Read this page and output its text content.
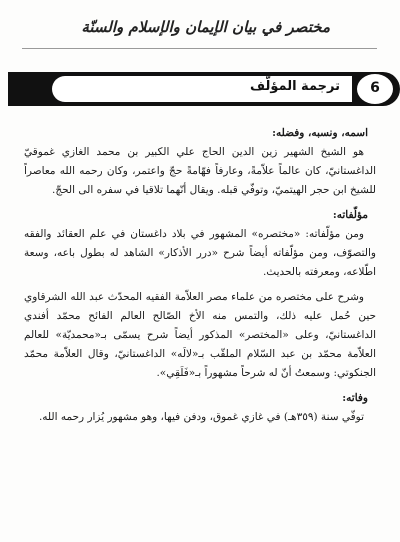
مختصر في بيان الإيمان والإسلام والسنّة
ترجمة المؤلّف	6
اسمه، ونسبه، وفضله:

هو الشيخ الشهير زين الدين الحاج علي الكبير بن محمد الغازي غموقيّ الداغستانيّ، كان عالماً علاّمةً، وعارفاً فهّامةً حجّ واعتمر، وكان رحمه الله معاصراً للشيخ ابن حجر الهيتميّ، وتوفّي قبله. ويقال أنّهما تلاقيا في سفره الى الحجّ.

مؤلّفاته:

ومن مؤلّفاته: «مختصره» المشهور في بلاد داغستان في علم العقائد والفقه والتصوّف، ومن مؤلّفاته أيضاً شرح «درر الأذكار» الشاهد له بطول باعه، وسعة اطّلاعه، ومعرفته بالحديث.

وشرح على مختصره من علماء مصر العلاّمة الفقيه المحدّث عبد الله الشرقاوي حين حُمل عليه ذلك، والتمس منه الأخ الصّالح العالم الفائح محمّد أفندي الداغستانيّ، وعلى «المختصر» المذكور أيضاً شرح يسمّى بـ«محمديّة» للعالم العلاّمة محمّد بن عبد السّلام الملقّب بـ«لالَه» الداغستانيّ، وقال العلاّمة محمّد الجنكوتي: وسمعتُ أنّ له شرحاً مشهوراً بـ«فَلَقِي».

وفاته:

توفّي سنة (٣٥٩هـ) في غازي غموق، ودفن فيها، وهو مشهور يُزار رحمه الله.
